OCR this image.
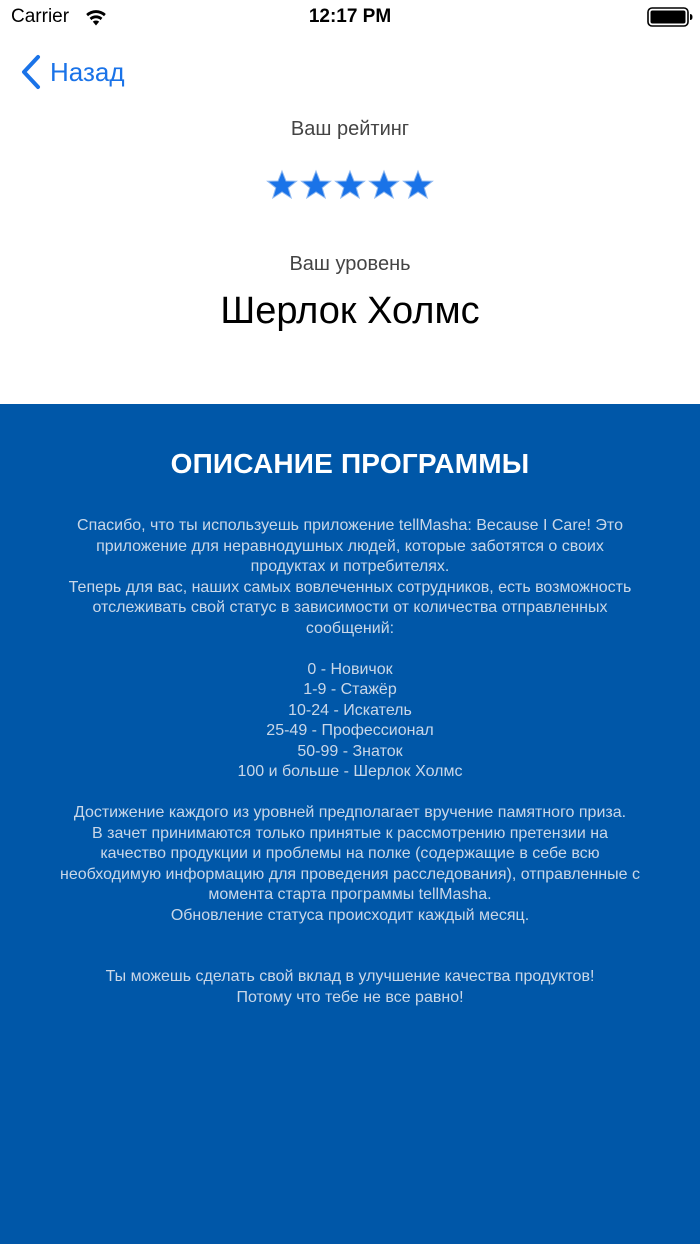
Carrier	12:17 PM
Назад
Ваш рейтинг
Ваш уровень
Шерлок Холмс
ОПИСАНИЕ ПРОГРАММЫ

Спасибо, что ты используешь приложение tellMasha: Because I Care! Это

приложение для неравнодушных людей, которые заботятся о своих

продуктах и потребителях.

Теперь для вас, наших самых вовлеченных сотрудников, есть возможность

отслеживать свой статус в зависимости от количества отправленных

сообщений:

0 - Новичок

1-9 - Стажёр

10-24 - Искатель

25-49 - Профессионал

50-99 - Знаток

100 и больше - Шерлок Холмс

Достижение каждого из уровней предполагает вручение памятного приза.

В зачет принимаются только принятые к рассмотрению претензии на

качество продукции и проблемы на полке (содержащие в себе всю

необходимую информацию для проведения расследования), отправленные с

момента старта программы tellMasha.

Обновление статуса происходит каждый месяц.

Ты можешь сделать свой вклад в улучшение качества продуктов!

Потому что тебе не все равно!
